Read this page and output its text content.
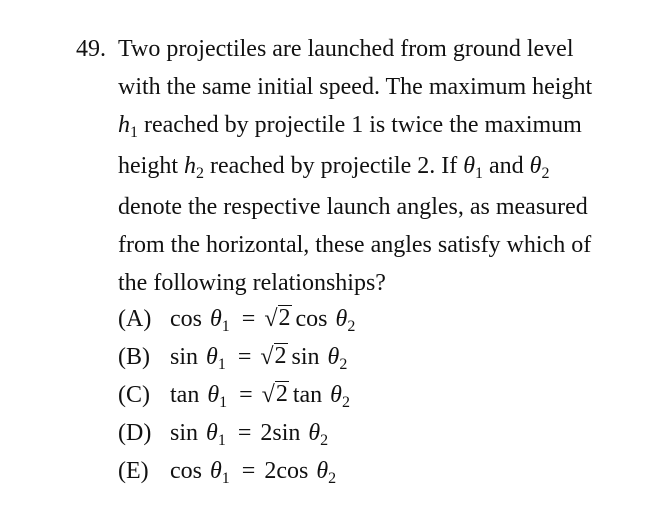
49. Two projectiles are launched from ground level
with the same initial speed. The maximum height
$h_1$ reached by projectile 1 is twice the maximum
height $h_2$ reached by projectile 2. If $\theta_1$ and $\theta_2$
denote the respective launch angles, as measured
from the horizontal, these angles satisfy which of
the following relationships?
(A) cos
$\theta_1$ = √ 2 cos
$\theta_2$
(B) sin
$\theta_1$ = √ 2 sin
$\theta_2$
(C) tan
$\theta_1$ = √ 2 tan
$\theta_2$
(D) sin
$\theta_1 = 2$ sin
$\theta_2$
(E) cos
$\theta_1 = 2$ cos
$\theta_2$
